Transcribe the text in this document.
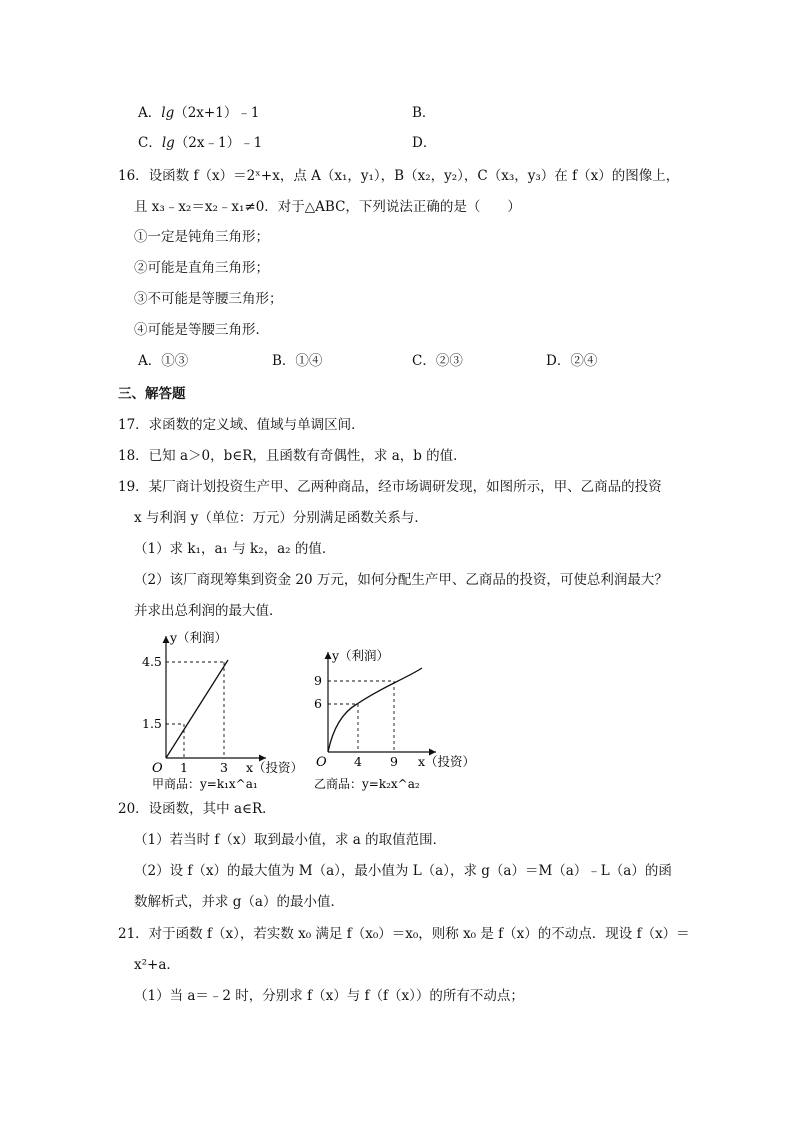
A．lg（2x+1）﹣1	B．
C．lg（2x﹣1）﹣1	D．
16．设函数 f（x）＝2ˣ+x，点 A（x₁，y₁），B（x₂，y₂），C（x₃，y₃）在 f（x）的图像上，
且 x₃﹣x₂＝x₂﹣x₁≠0．对于△ABC，下列说法正确的是（　　）
①一定是钝角三角形；
②可能是直角三角形；
③不可能是等腰三角形；
④可能是等腰三角形．
A．①③	B．①④	C．②③	D．②④
三、解答题
17．求函数的定义域、值域与单调区间．
18．已知 a＞0，b∈R，且函数有奇偶性，求 a，b 的值．
19．某厂商计划投资生产甲、乙两种商品，经市场调研发现，如图所示，甲、乙商品的投资
x 与利润 y（单位：万元）分别满足函数关系与．
（1）求 k₁，a₁ 与 k₂，a₂ 的值．
（2）该厂商现筹集到资金 20 万元，如何分配生产甲、乙商品的投资，可使总利润最大？
并求出总利润的最大值．
y（利润）
4.5
1.5
O 1	3 x（投资）
甲商品：y=k₁x^a₁
y（利润）
9
6
O 4 9 x（投资）
乙商品：y=k₂x^a₂
20．设函数，其中 a∈R．
（1）若当时 f（x）取到最小值，求 a 的取值范围．
（2）设 f（x）的最大值为 M（a），最小值为 L（a），求 g（a）＝M（a）﹣L（a）的函
数解析式，并求 g（a）的最小值．
21．对于函数 f（x），若实数 x₀ 满足 f（x₀）＝x₀，则称 x₀ 是 f（x）的不动点．现设 f（x）＝
x²+a．
（1）当 a＝﹣2 时，分别求 f（x）与 f（f（x））的所有不动点；
